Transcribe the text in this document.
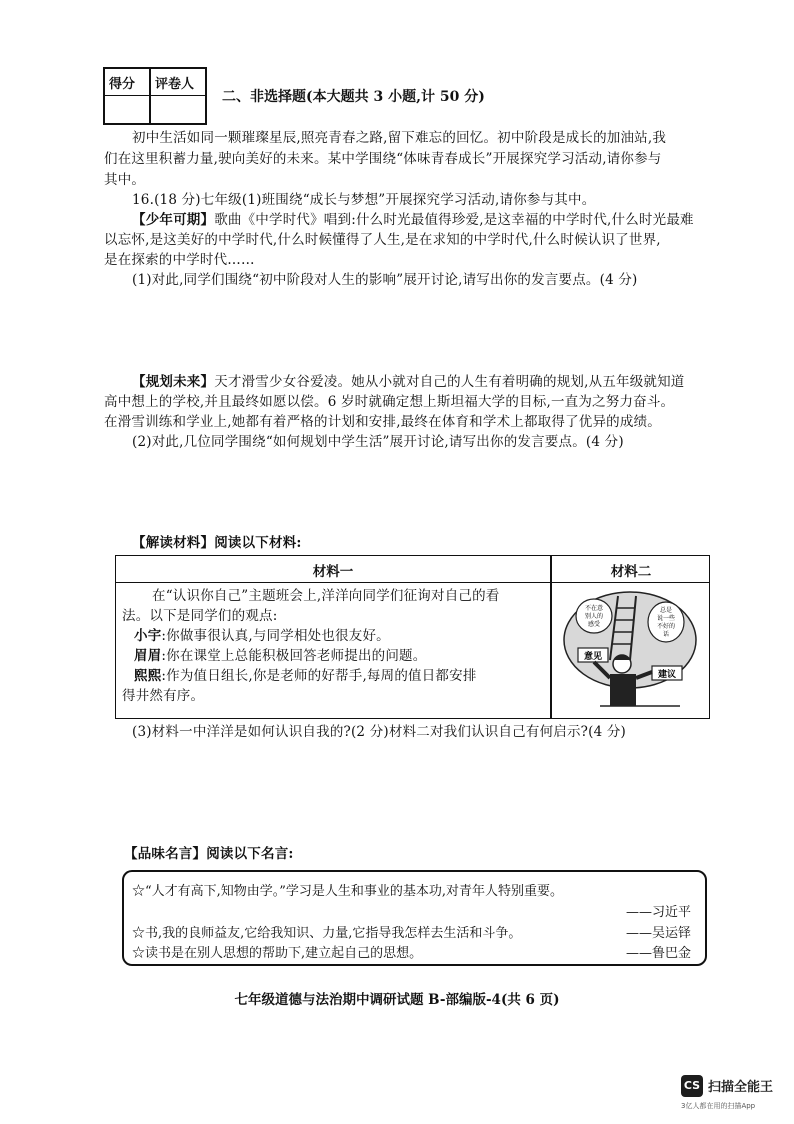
得分 评卷人
二、非选择题(本大题共 3 小题,计 50 分)
初中生活如同一颗璀璨星辰,照亮青春之路,留下难忘的回忆。初中阶段是成长的加油站,我
们在这里积蓄力量,驶向美好的未来。某中学围绕“体味青春成长”开展探究学习活动,请你参与
其中。
16.(18 分)七年级(1)班围绕“成长与梦想”开展探究学习活动,请你参与其中。
【少年可期】歌曲《中学时代》唱到:什么时光最值得珍爱,是这幸福的中学时代,什么时光最难
以忘怀,是这美好的中学时代,什么时候懂得了人生,是在求知的中学时代,什么时候认识了世界,
是在探索的中学时代……
(1)对此,同学们围绕“初中阶段对人生的影响”展开讨论,请写出你的发言要点。(4 分)
【规划未来】天才滑雪少女谷爱凌。她从小就对自己的人生有着明确的规划,从五年级就知道
高中想上的学校,并且最终如愿以偿。6 岁时就确定想上斯坦福大学的目标,一直为之努力奋斗。
在滑雪训练和学业上,她都有着严格的计划和安排,最终在体育和学术上都取得了优异的成绩。
(2)对此,几位同学围绕“如何规划中学生活”展开讨论,请写出你的发言要点。(4 分)
【解读材料】阅读以下材料:
材料一	材料二
在“认识你自己”主题班会上,洋洋向同学们征询对自己的看
法。以下是同学们的观点:
小宇:你做事很认真,与同学相处也很友好。
眉眉:你在课堂上总能积极回答老师提出的问题。
熙熙:作为值日组长,你是老师的好帮手,每周的值日都安排
得井然有序。
不在意
别人的
感受
总是
说一些
不好的
话
意见
建议
(3)材料一中洋洋是如何认识自我的?(2 分)材料二对我们认识自己有何启示?(4 分)
【品味名言】阅读以下名言:
☆“人才有高下,知物由学。”学习是人生和事业的基本功,对青年人特别重要。
——习近平
☆书,我的良师益友,它给我知识、力量,它指导我怎样去生活和斗争。	——吴运铎
☆读书是在别人思想的帮助下,建立起自己的思想。	——鲁巴金
七年级道德与法治期中调研试题 B-部编版-4(共 6 页)
CS 扫描全能王
3亿人都在用的扫描App
